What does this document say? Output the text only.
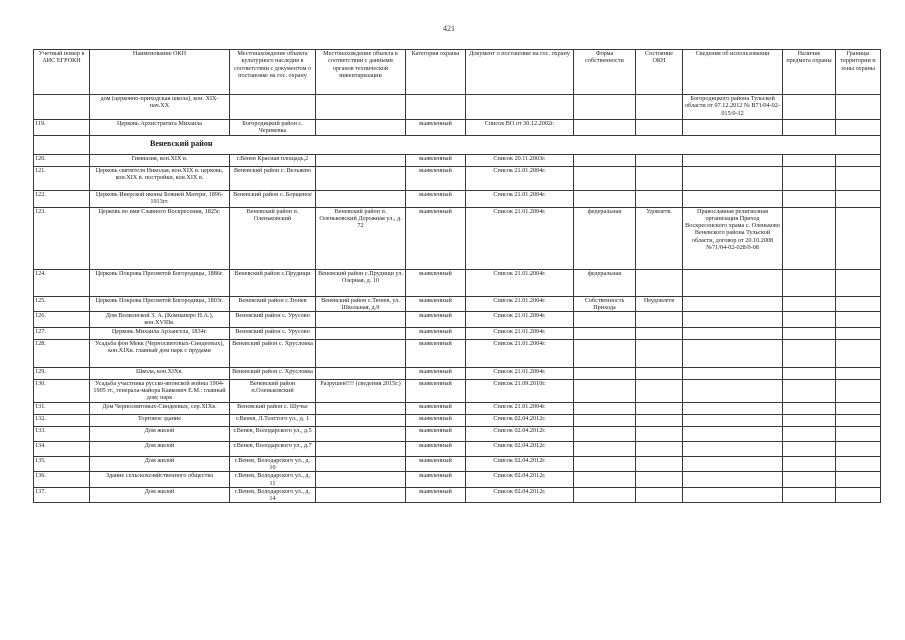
421
Учетный номер в АИС ЕГРОКН	Наименование ОКН	Местонахождение объекта культурного наследия в соответствии с документом о постановке на гос. охрану	Местонахождение объекта в соответствии с данными органов технической инвентаризации	Категория охраны	Документ о постановке на гос. охрану	Форма собственности	Состояние ОКН	Сведения об использовании	Наличие предмета охраны	Границы территории и зоны охраны
	дом (церковно-приходская школа), кон. XIX-нач.XX							Богородицкого района Тульской области от 07.12.2012 № В71/04-02-015/0-12		
119.	Церковь Архистратига Михаила	Богородицкий район с. Черняевка		выявленный	Список ВО от 30.12.2002г.					
	Веневский район									
120.	Гимназия, кон.XIX в.	г.Венев Красная площадь,2		выявленный	Список 20.11.2003г.					
121.	Церковь святителя Николая, кон.XIX в. церковь, кон.XIX в. постройки, кон.XIX в.	Веневский район с. Вельяево		выявленный	Список 21.01.2004г.					
122.	Церковь Иверской иконы Божией Матери, 1896-1913гг.	Веневский район с. Борщевое		выявленный	Список 21.01.2004г.					
123.	Церковь во имя Славного Воскресения, 1825г.	Веневский район п. Оленьковский	Веневский район п. Оленьковский Дорожная ул., д. 72	выявленный	Список 21.01.2004г.	федеральная	Удовлетв.	Православная религиозная организация Приход Воскресенского храма с. Оленьково Веневского района Тульской области, договор от 20.10.2008 №71/04-02-028/0-08		
124.	Церковь Покрова Пресвятой Богородицы, 1886г.	Веневский район с.Прудищи	Веневский район с.Прудищи ул. Озерная, д. 10	выявленный	Список 21.01.2004г.	федеральная				
125.	Церковь Покрова Пресвятой Богородицы, 1803г.	Веневский район с.Тюнев	Веневский район с.Тюнев, ул. Школьная, д.9	выявленный	Список 21.01.2004г.	Собственность Прихода	Неудовлетв			
126.	Дом Волконской З. А. (Компанеро Н.А.), кон.XVIIIв.	Веневский район с. Урусово		выявленный	Список 21.01.2004г.					
127.	Церковь Михаила Архангела, 1834г.	Веневский район с. Урусово		выявленный	Список 21.01.2004г.					
128.	Усадьба фон Мекк (Черносвитовых-Синдеевых), кон.XIXв. главный дом парк с прудами	Веневский район с. Хрусловка		выявленный	Список 21.01.2004г.					
129.	Школа, кон.XIXв.	Веневский район с. Хрусловка		выявленный	Список 21.01.2004г.					
130.	Усадьба участника русско-японской войны 1904-1905 гг., генерала-майора Кавкович Е.М.: главный дом; парк	Веневский район п.Оленьковский	Разрушен!!!! (сведения 2015г.)	выявленный	Список 21.09.2010г.					
131.	Дом Черносвитовых-Синдеевых, сер.XIXв.	Веневский район с. Шучье		выявленный	Список 21.01.2004г.					
132.	Торговое здание	г.Венев, Л.Толстого ул., д. 1		выявленный	Список 02.04.2012г.					
133.	Дом жилой	г.Венев, Володарского ул., д.5		выявленный	Список 02.04.2012г.					
134.	Дом жилой	г.Венев, Володарского ул., д.7		выявленный	Список 02.04.2012г.					
135.	Дом жилой	г.Венев, Володарского ул., д. 10		выявленный	Список 02.04.2012г.					
136.	Здание сельскохозяйственного общества	г.Венев, Володарского ул., д. 11		выявленный	Список 02.04.2012г.					
137.	Дом жилой	г.Венев, Володарского ул., д. 14		выявленный	Список 02.04.2012г.					
